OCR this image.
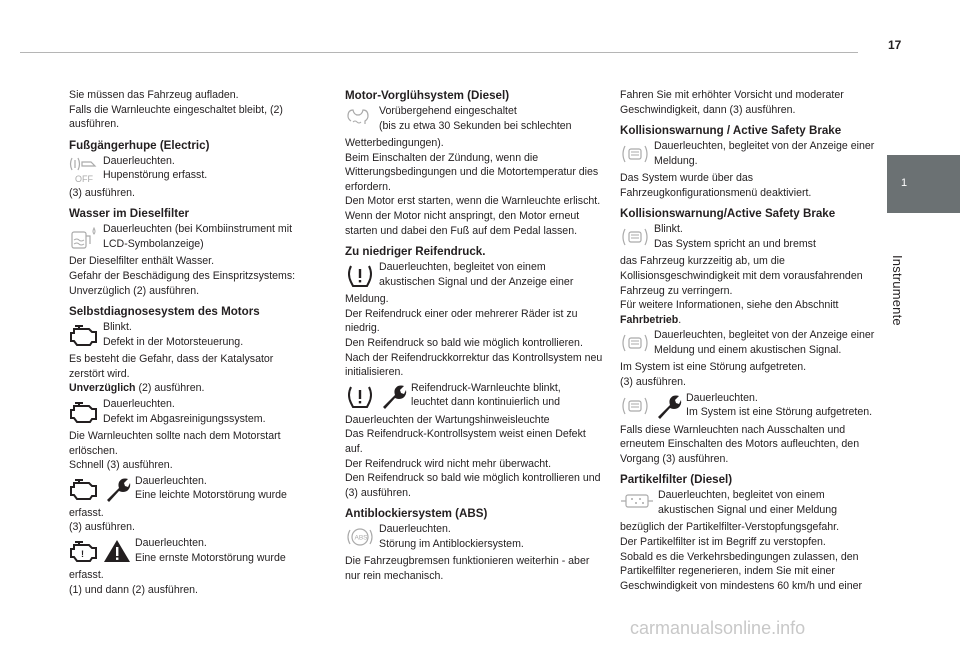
17
1
Instrumente

Sie müssen das Fahrzeug aufladen.

Falls die Warnleuchte eingeschaltet bleibt, (2) ausführen.

Fußgängerhupe (Electric)

OFF

Dauerleuchten.

Hupenstörung erfasst.

(3) ausführen.

Wasser im Dieselfilter

Dauerleuchten (bei Kombiinstrument mit LCD-Symbolanzeige)

Der Dieselfilter enthält Wasser.

Gefahr der Beschädigung des Einspritzsystems: Unverzüglich (2) ausführen.

Selbstdiagnosesystem des Motors

Blinkt.

Defekt in der Motorsteuerung.

Es besteht die Gefahr, dass der Katalysator zerstört wird.

Unverzüglich (2) ausführen.

Dauerleuchten.

Defekt im Abgasreinigungssystem.

Die Warnleuchten sollte nach dem Motorstart erlöschen.

Schnell (3) ausführen.

Dauerleuchten.

Eine leichte Motorstörung wurde

erfasst.

(3) ausführen.

!

Dauerleuchten.

Eine ernste Motorstörung wurde

erfasst.

(1) und dann (2) ausführen.

Motor-Vorglühsystem (Diesel)

Vorübergehend eingeschaltet

(bis zu etwa 30 Sekunden bei schlechten

Wetterbedingungen).

Beim Einschalten der Zündung, wenn die Witterungsbedingungen und die Motortemperatur dies erfordern.

Den Motor erst starten, wenn die Warnleuchte erlischt.

Wenn der Motor nicht anspringt, den Motor erneut starten und dabei den Fuß auf dem Pedal lassen.

Zu niedriger Reifendruck.

Dauerleuchten, begleitet von einem

akustischen Signal und der Anzeige einer

Meldung.

Der Reifendruck einer oder mehrerer Räder ist zu niedrig.

Den Reifendruck so bald wie möglich kontrollieren.

Nach der Reifendruckkorrektur das Kontrollsystem neu initialisieren.

Reifendruck-Warnleuchte blinkt,

leuchtet dann kontinuierlich und

Dauerleuchten der Wartungshinweisleuchte

Das Reifendruck-Kontrollsystem weist einen Defekt auf.

Der Reifendruck wird nicht mehr überwacht.

Den Reifendruck so bald wie möglich kontrollieren und (3) ausführen.

Antiblockiersystem (ABS)

ABS

Dauerleuchten.

Störung im Antiblockiersystem.

Die Fahrzeugbremsen funktionieren weiterhin - aber nur rein mechanisch.

Fahren Sie mit erhöhter Vorsicht und moderater Geschwindigkeit, dann (3) ausführen.

Kollisionswarnung / Active Safety Brake

Dauerleuchten, begleitet von der Anzeige einer

Meldung.

Das System wurde über das Fahrzeugkonfigurationsmenü deaktiviert.

Kollisionswarnung/Active Safety Brake

Blinkt.

Das System spricht an und bremst

das Fahrzeug kurzzeitig ab, um die Kollisionsgeschwindigkeit mit dem vorausfahrenden Fahrzeug zu verringern.

Für weitere Informationen, siehe den Abschnitt

Fahrbetrieb.

Dauerleuchten, begleitet von der Anzeige einer

Meldung und einem akustischen Signal.

Im System ist eine Störung aufgetreten.

(3) ausführen.

Dauerleuchten.

Im System ist eine Störung aufgetreten.

Falls diese Warnleuchten nach Ausschalten und erneutem Einschalten des Motors aufleuchten, den Vorgang (3) ausführen.

Partikelfilter (Diesel)

Dauerleuchten, begleitet von einem

akustischen Signal und einer Meldung

bezüglich der Partikelfilter-Verstopfungsgefahr.

Der Partikelfilter ist im Begriff zu verstopfen.

Sobald es die Verkehrsbedingungen zulassen, den Partikelfilter regenerieren, indem Sie mit einer Geschwindigkeit von mindestens 60 km/h und einer

carmanualsonline.info
